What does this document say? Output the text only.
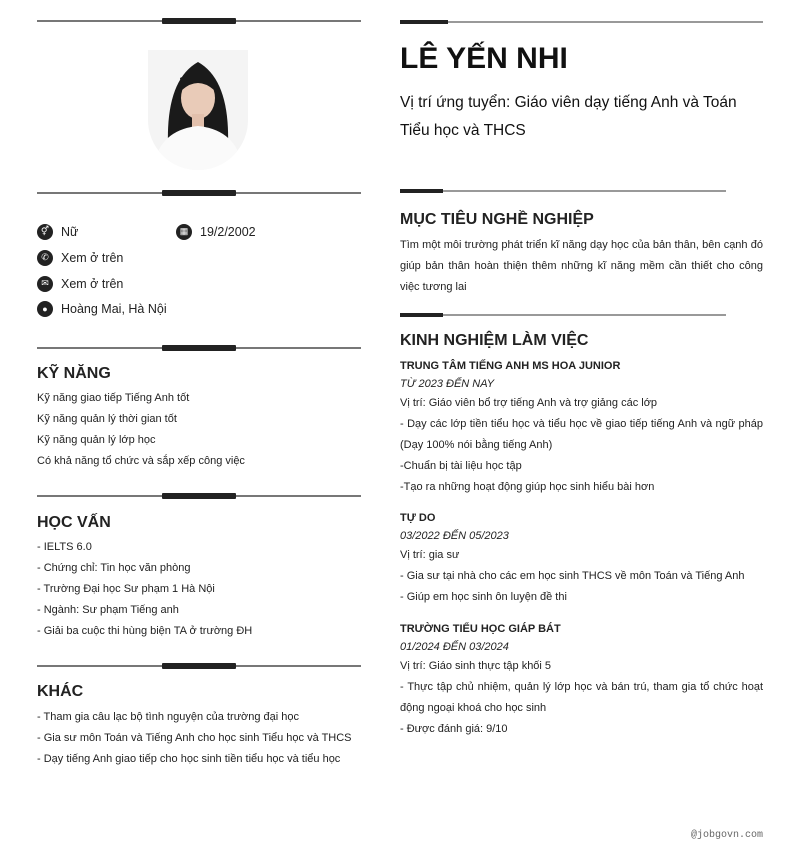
⚥ Nữ	▦ 19/2/2002
✆ Xem ở trên
✉ Xem ở trên
●	Hoàng Mai, Hà Nội
KỸ NĂNG
Kỹ năng giao tiếp Tiếng Anh tốt
Kỹ năng quản lý thời gian tốt
Kỹ năng quản lý lớp học
Có khả năng tổ chức và sắp xếp công việc
HỌC VẤN
- IELTS 6.0
- Chứng chỉ: Tin học văn phòng
- Trường Đại học Sư phạm 1 Hà Nội
- Ngành: Sư phạm Tiếng anh
- Giải ba cuộc thi hùng biện TA ở trường ĐH
KHÁC
- Tham gia câu lạc bộ tình nguyện của trường đại học
- Gia sư môn Toán và Tiếng Anh cho học sinh Tiểu học và THCS
- Dạy tiếng Anh giao tiếp cho học sinh tiền tiểu học và tiểu học
LÊ YẾN NHI
Vị trí ứng tuyển: Giáo viên dạy tiếng Anh và Toán Tiểu học và THCS
MỤC TIÊU NGHỀ NGHIỆP
Tìm một môi trường phát triển kĩ năng dạy học của bản thân, bên cạnh đó giúp bản thân hoàn thiện thêm những kĩ năng mềm cần thiết cho công việc tương lai
KINH NGHIỆM LÀM VIỆC
TRUNG TÂM TIẾNG ANH MS HOA JUNIOR
TỪ 2023 ĐẾN NAY
Vị trí: Giáo viên bổ trợ tiếng Anh và trợ giảng các lớp
- Dạy các lớp tiền tiểu học và tiểu học về giao tiếp tiếng Anh và ngữ pháp (Dạy 100% nói bằng tiếng Anh)
-Chuẩn bị tài liệu học tập
-Tạo ra những hoạt động giúp học sinh hiểu bài hơn
TỰ DO
03/2022 ĐẾN 05/2023
Vị trí: gia sư
- Gia sư tại nhà cho các em học sinh THCS về môn Toán và Tiếng Anh
- Giúp em học sinh ôn luyện đề thi
TRƯỜNG TIỂU HỌC GIÁP BÁT
01/2024 ĐẾN 03/2024
Vị trí: Giáo sinh thực tập khối 5
- Thực tập chủ nhiệm, quản lý lớp học và bán trú, tham gia tổ chức hoạt động ngoại khoá cho học sinh
- Được đánh giá: 9/10
@jobgovn.com
